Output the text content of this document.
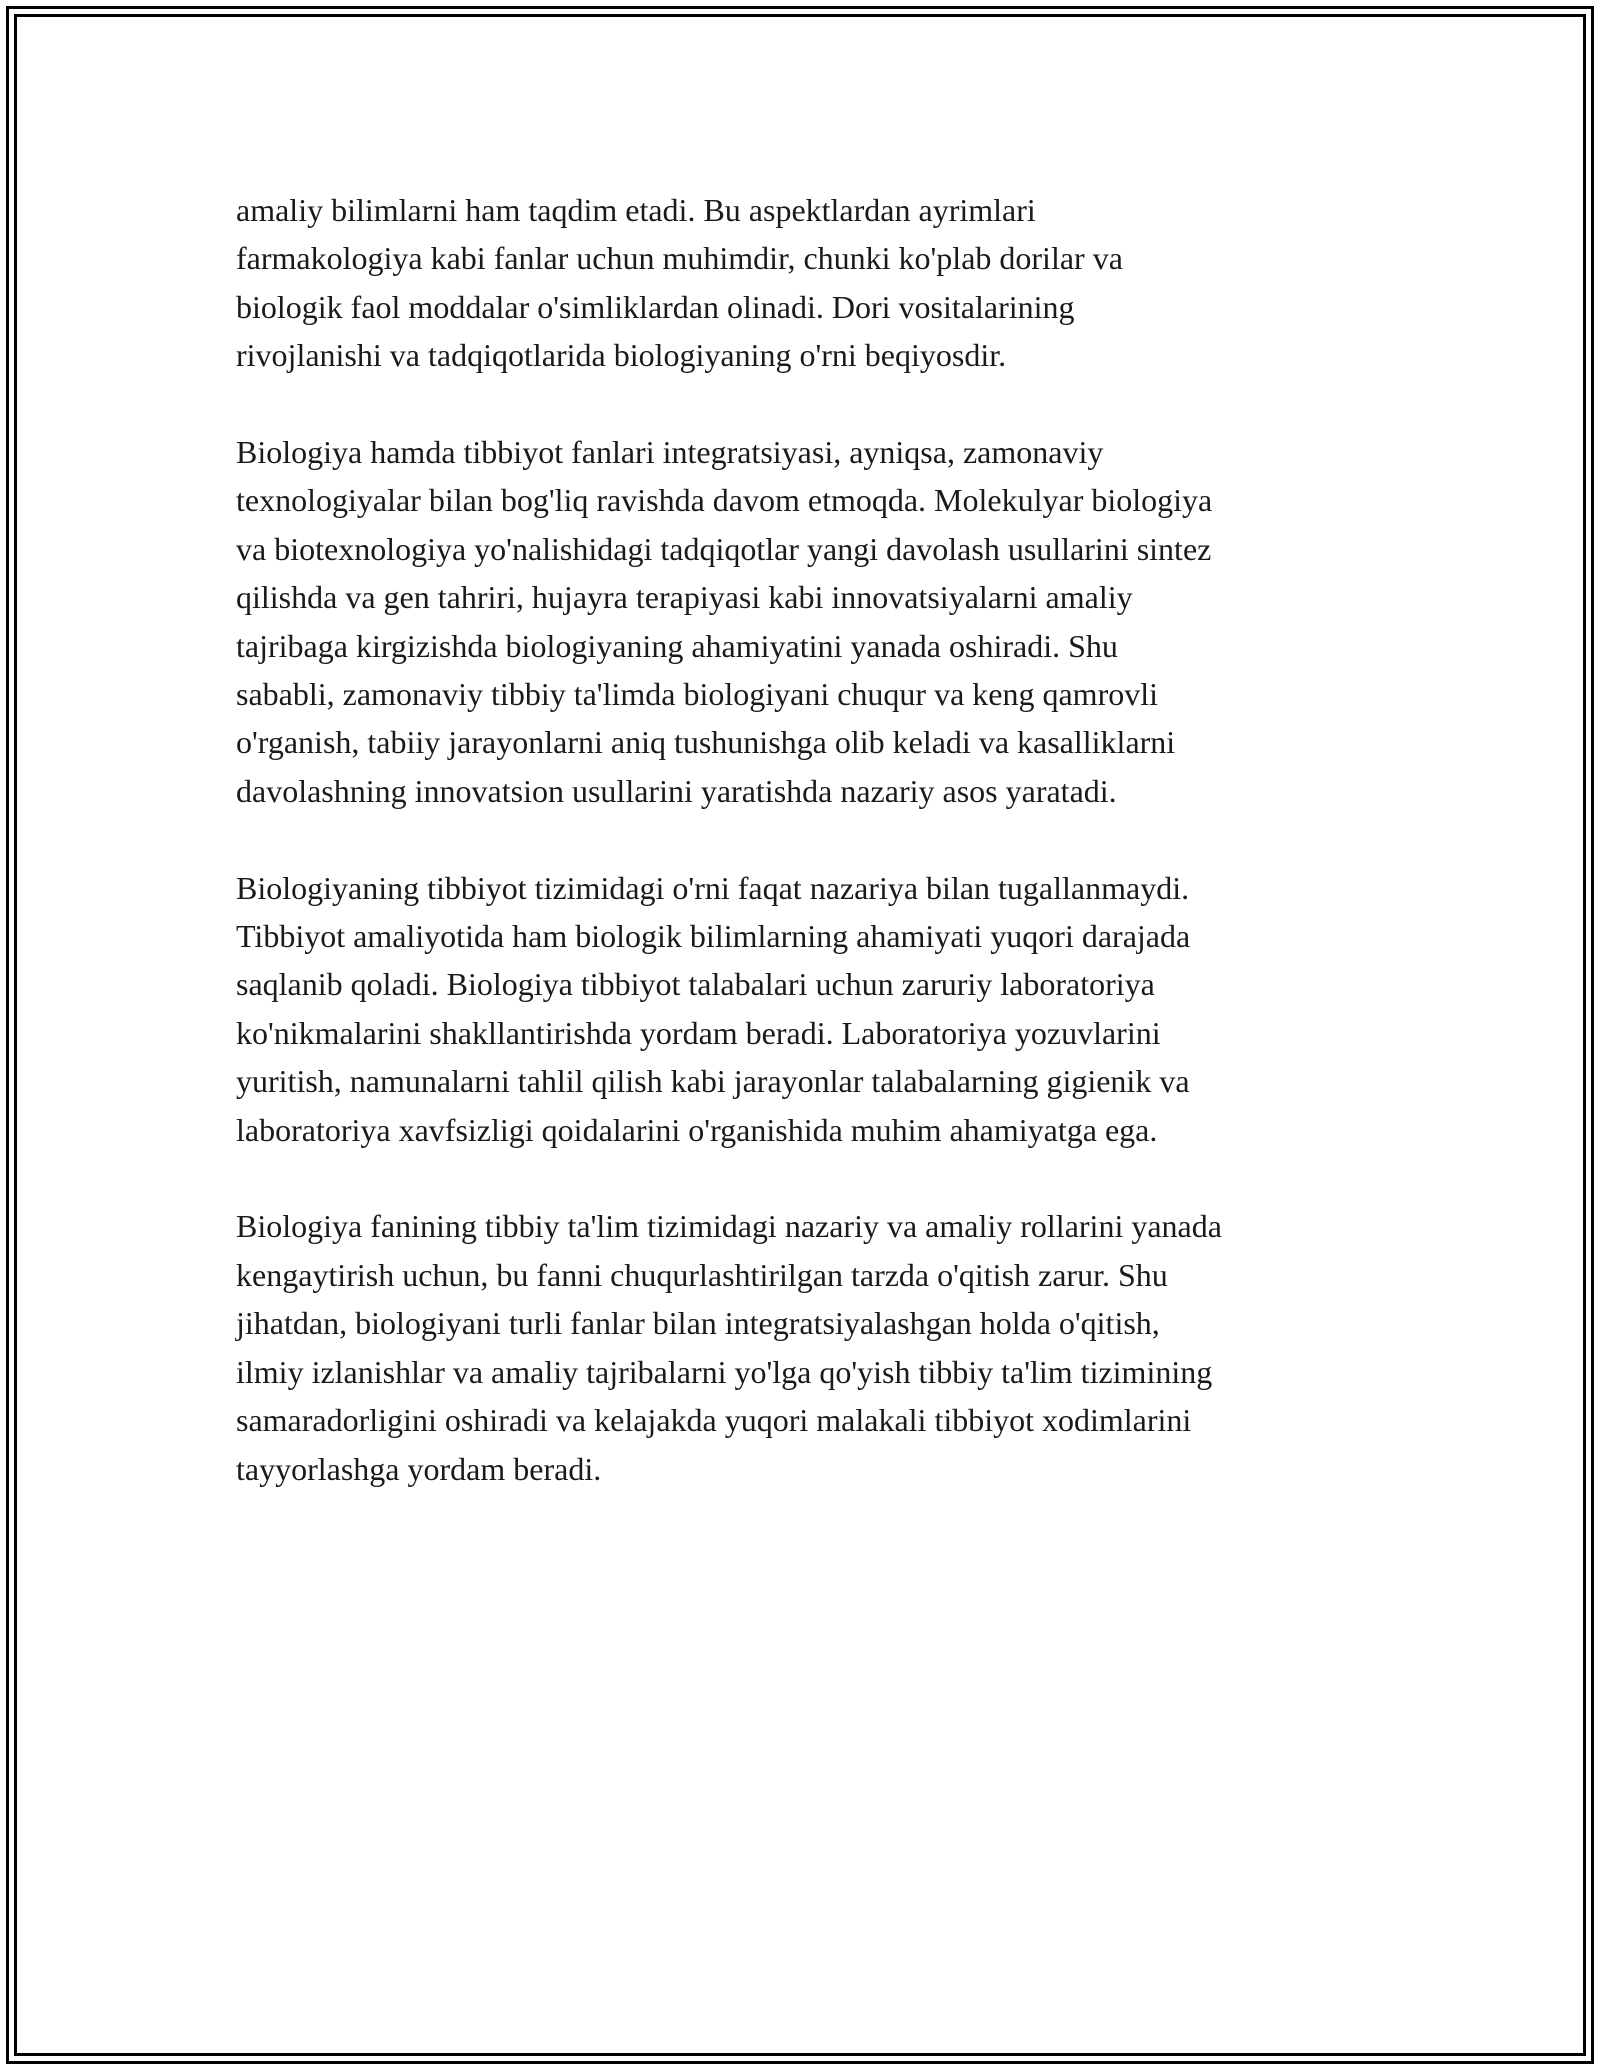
amaliy bilimlarni ham taqdim etadi. Bu aspektlardan ayrimlari
farmakologiya kabi fanlar uchun muhimdir, chunki ko'plab dorilar va
biologik faol moddalar o'simliklardan olinadi. Dori vositalarining
rivojlanishi va tadqiqotlarida biologiyaning o'rni beqiyosdir.

Biologiya hamda tibbiyot fanlari integratsiyasi, ayniqsa, zamonaviy
texnologiyalar bilan bog'liq ravishda davom etmoqda. Molekulyar biologiya
va biotexnologiya yo'nalishidagi tadqiqotlar yangi davolash usullarini sintez
qilishda va gen tahriri, hujayra terapiyasi kabi innovatsiyalarni amaliy
tajribaga kirgizishda biologiyaning ahamiyatini yanada oshiradi. Shu
sababli, zamonaviy tibbiy ta'limda biologiyani chuqur va keng qamrovli
o'rganish, tabiiy jarayonlarni aniq tushunishga olib keladi va kasalliklarni
davolashning innovatsion usullarini yaratishda nazariy asos yaratadi.

Biologiyaning tibbiyot tizimidagi o'rni faqat nazariya bilan tugallanmaydi.
Tibbiyot amaliyotida ham biologik bilimlarning ahamiyati yuqori darajada
saqlanib qoladi. Biologiya tibbiyot talabalari uchun zaruriy laboratoriya
ko'nikmalarini shakllantirishda yordam beradi. Laboratoriya yozuvlarini
yuritish, namunalarni tahlil qilish kabi jarayonlar talabalarning gigienik va
laboratoriya xavfsizligi qoidalarini o'rganishida muhim ahamiyatga ega.

Biologiya fanining tibbiy ta'lim tizimidagi nazariy va amaliy rollarini yanada
kengaytirish uchun, bu fanni chuqurlashtirilgan tarzda o'qitish zarur. Shu
jihatdan, biologiyani turli fanlar bilan integratsiyalashgan holda o'qitish,
ilmiy izlanishlar va amaliy tajribalarni yo'lga qo'yish tibbiy ta'lim tizimining
samaradorligini oshiradi va kelajakda yuqori malakali tibbiyot xodimlarini
tayyorlashga yordam beradi.
